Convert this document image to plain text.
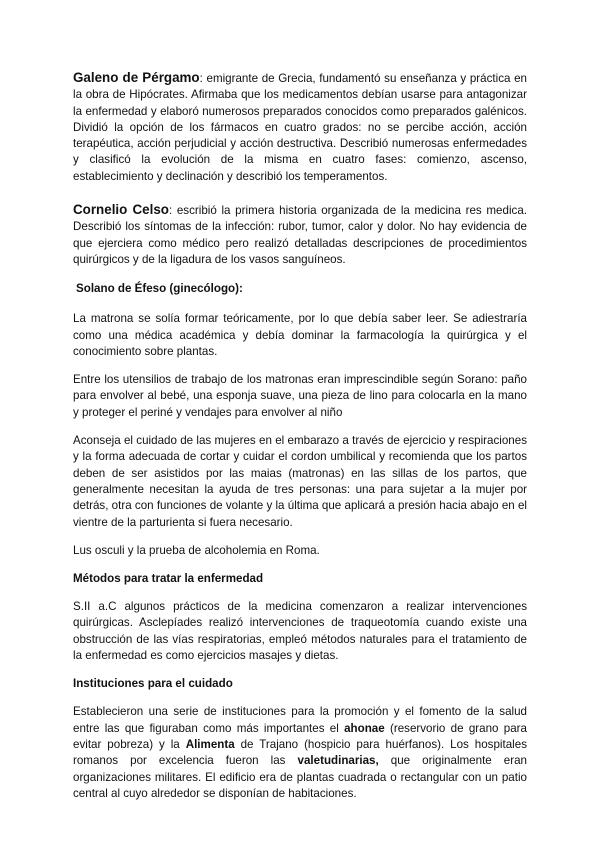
Galeno de Pérgamo: emigrante de Grecia, fundamentó su enseñanza y práctica en la obra de Hipócrates. Afirmaba que los medicamentos debían usarse para antagonizar la enfermedad y elaboró numerosos preparados conocidos como preparados galénicos. Dividió la opción de los fármacos en cuatro grados: no se percibe acción, acción terapéutica, acción perjudicial y acción destructiva. Describió numerosas enfermedades y clasificó la evolución de la misma en cuatro fases: comienzo, ascenso, establecimiento y declinación y describió los temperamentos.

Cornelio Celso: escribió la primera historia organizada de la medicina res medica. Describió los síntomas de la infección: rubor, tumor, calor y dolor. No hay evidencia de que ejerciera como médico pero realizó detalladas descripciones de procedimientos quirúrgicos y de la ligadura de los vasos sanguíneos.

Solano de Éfeso (ginecólogo):

La matrona se solía formar teóricamente, por lo que debía saber leer. Se adiestraría como una médica académica y debía dominar la farmacología la quirúrgica y el conocimiento sobre plantas.

Entre los utensilios de trabajo de los matronas eran imprescindible según Sorano: paño para envolver al bebé, una esponja suave, una pieza de lino para colocarla en la mano y proteger el periné y vendajes para envolver al niño

Aconseja el cuidado de las mujeres en el embarazo a través de ejercicio y respiraciones y la forma adecuada de cortar y cuidar el cordon umbilical y recomienda que los partos deben de ser asistidos por las maias (matronas) en las sillas de los partos, que generalmente necesitan la ayuda de tres personas: una para sujetar a la mujer por detrás, otra con funciones de volante y la última que aplicará a presión hacia abajo en el vientre de la parturienta si fuera necesario.

Lus osculi y la prueba de alcoholemia en Roma.

Métodos para tratar la enfermedad

S.II a.C algunos prácticos de la medicina comenzaron a realizar intervenciones quirúrgicas. Asclepíades realizó intervenciones de traqueotomía cuando existe una obstrucción de las vías respiratorias, empleó métodos naturales para el tratamiento de la enfermedad es como ejercicios masajes y dietas.

Instituciones para el cuidado

Establecieron una serie de instituciones para la promoción y el fomento de la salud entre las que figuraban como más importantes el ahonae (reservorio de grano para evitar pobreza) y la Alimenta de Trajano (hospicio para huérfanos). Los hospitales romanos por excelencia fueron las valetudinarias, que originalmente eran organizaciones militares. El edificio era de plantas cuadrada o rectangular con un patio central al cuyo alrededor se disponían de habitaciones.
